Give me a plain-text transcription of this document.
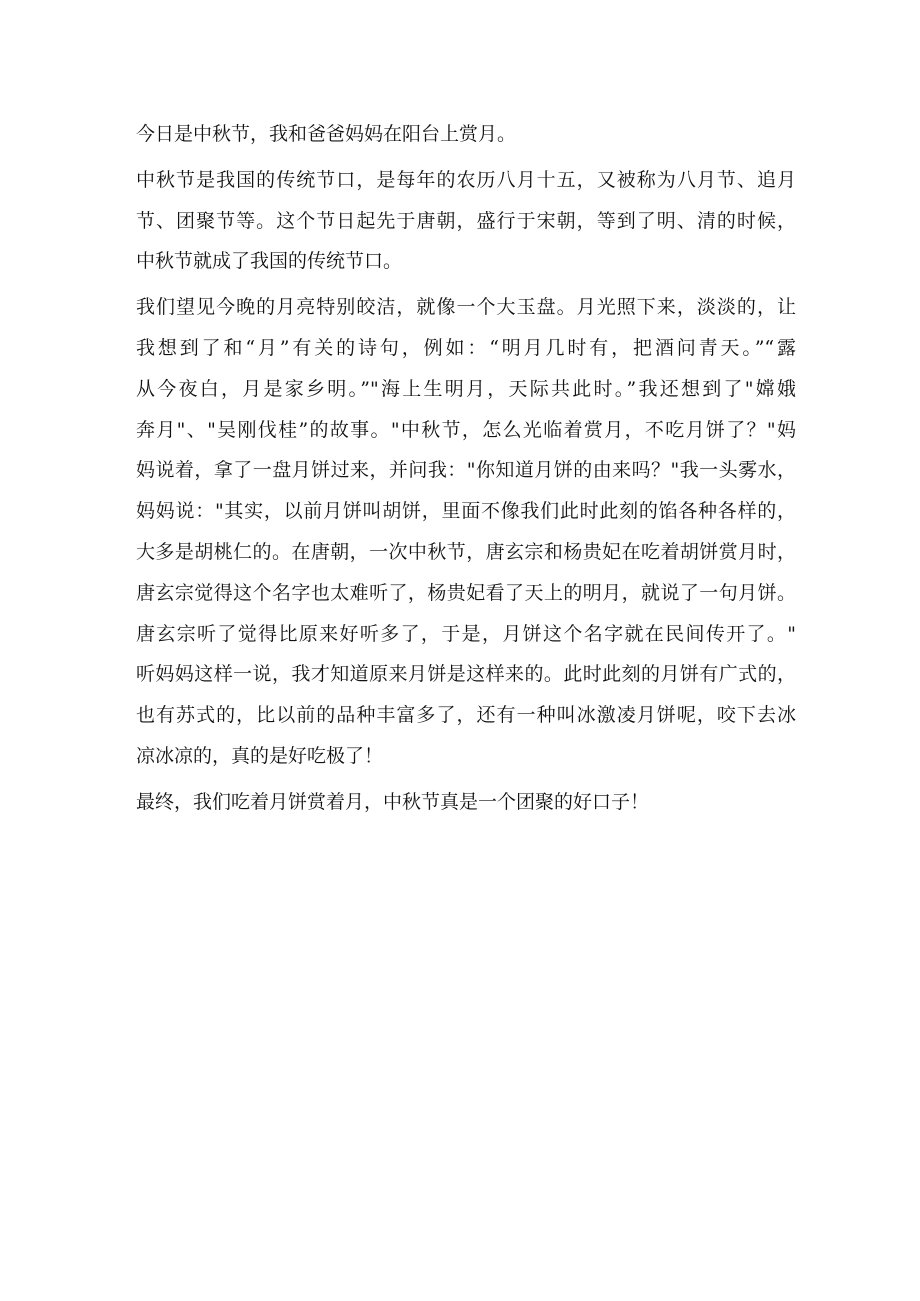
今日是中秋节，我和爸爸妈妈在阳台上赏月。

中秋节是我国的传统节口，是每年的农历八月十五，又被称为八月节、追月
节、团聚节等。这个节日起先于唐朝，盛行于宋朝，等到了明、清的时候，
中秋节就成了我国的传统节口。

我们望见今晚的月亮特别皎洁，就像一个大玉盘。月光照下来，淡淡的，让
我想到了和“月”有关的诗句，例如：“明月几时有，把酒问青天。”“露
从今夜白，月是家乡明。”"海上生明月，天际共此时。”我还想到了"嫦娥
奔月"、"吴刚伐桂”的故事。"中秋节，怎么光临着赏月，不吃月饼了？"妈
妈说着，拿了一盘月饼过来，并问我："你知道月饼的由来吗？"我一头雾水，
妈妈说："其实，以前月饼叫胡饼，里面不像我们此时此刻的馅各种各样的，
大多是胡桃仁的。在唐朝，一次中秋节，唐玄宗和杨贵妃在吃着胡饼赏月时，
唐玄宗觉得这个名字也太难听了，杨贵妃看了天上的明月，就说了一句月饼。
唐玄宗听了觉得比原来好听多了，于是，月饼这个名字就在民间传开了。"
听妈妈这样一说，我才知道原来月饼是这样来的。此时此刻的月饼有广式的，
也有苏式的，比以前的品种丰富多了，还有一种叫冰激凌月饼呢，咬下去冰
凉冰凉的，真的是好吃极了！

最终，我们吃着月饼赏着月，中秋节真是一个团聚的好口子！
